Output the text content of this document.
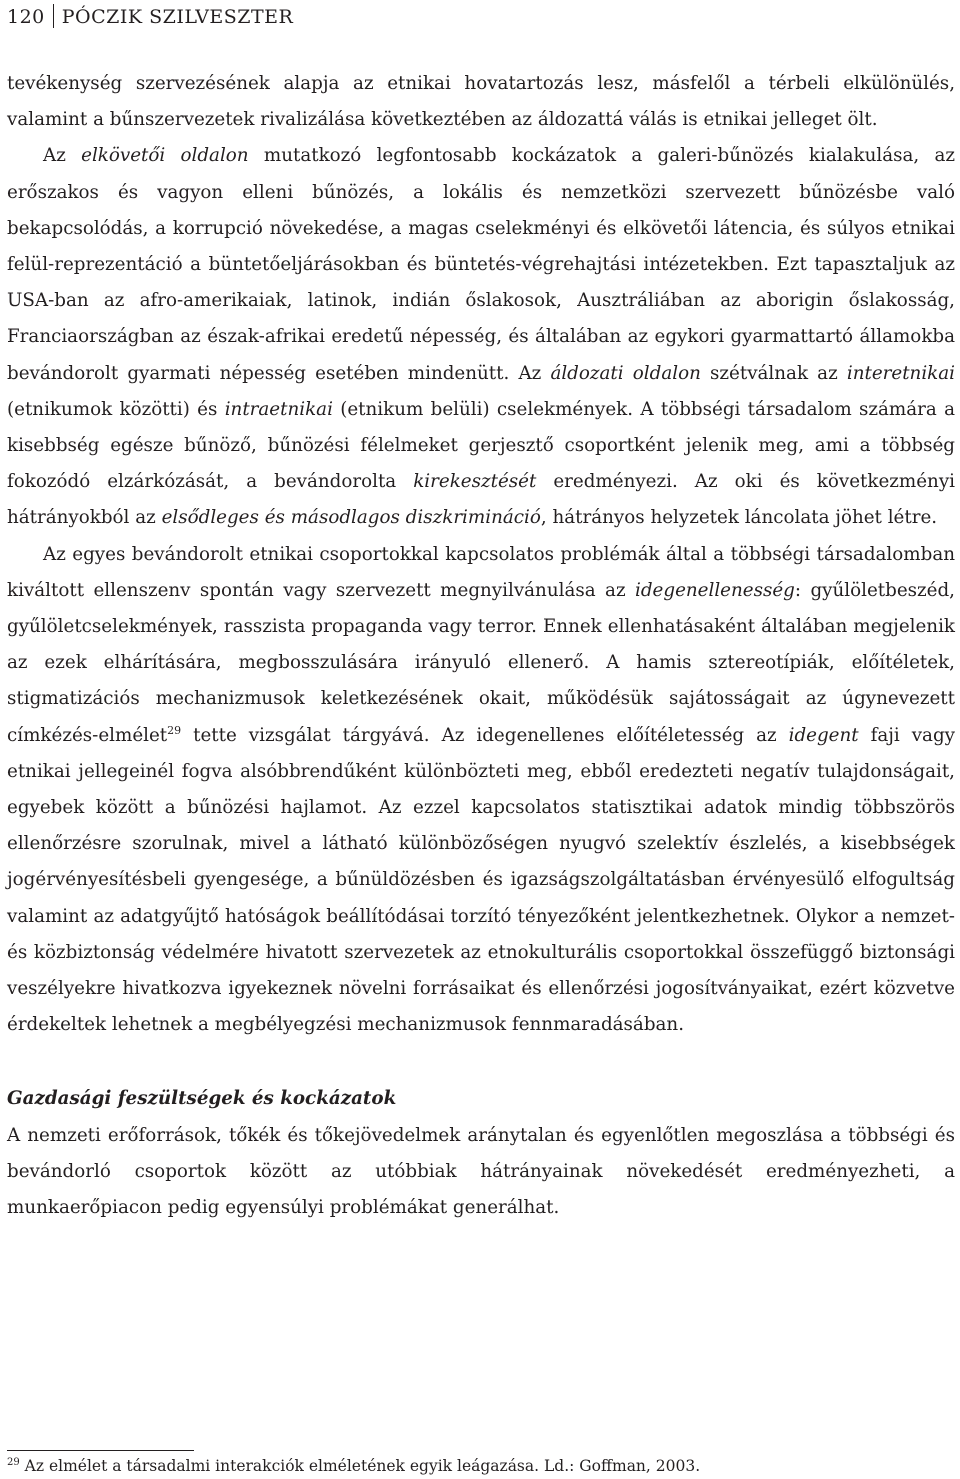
120 PÓCZIK SZILVESZTER

tevékenység szervezésének alapja az etnikai hovatartozás lesz, másfelől a térbeli elkülönülés, valamint a bűnszervezetek rivalizálása következtében az áldozattá válás is etnikai jelleget ölt.

Az elkövetői oldalon mutatkozó legfontosabb kockázatok a galeri-bűnözés kialakulása, az erőszakos és vagyon elleni bűnözés, a lokális és nemzetközi szervezett bűnözésbe való bekapcsolódás, a korrupció növekedése, a magas cselekményi és elkövetői látencia, és súlyos etnikai felül-reprezentáció a büntetőeljárásokban és büntetés-végrehajtási intézetekben. Ezt tapasztaljuk az USA-ban az afro-amerikaiak, latinok, indián őslakosok, Ausztráliában az aborigin őslakosság, Franciaországban az észak-afrikai eredetű népesség, és általában az egykori gyarmattartó államokba bevándorolt gyarmati népesség esetében mindenütt. Az áldozati oldalon szétválnak az interetnikai (etnikumok közötti) és intraetnikai (etnikum belüli) cselekmények. A többségi társadalom számára a kisebbség egésze bűnöző, bűnözési félelmeket gerjesztő csoportként jelenik meg, ami a többség fokozódó elzárkózását, a bevándorolta kirekesztését eredményezi. Az oki és következményi hátrányokból az elsődleges és másodlagos diszkrimináció, hátrányos helyzetek láncolata jöhet létre.

Az egyes bevándorolt etnikai csoportokkal kapcsolatos problémák által a többségi társadalomban kiváltott ellenszenv spontán vagy szervezett megnyilvánulása az idegenellenesség: gyűlöletbeszéd, gyűlöletcselekmények, rasszista propaganda vagy terror. Ennek ellenhatásaként általában megjelenik az ezek elhárítására, megbosszulására irányuló ellenerő. A hamis sztereotípiák, előítéletek, stigmatizációs mechanizmusok keletkezésének okait, működésük sajátosságait az úgynevezett címkézés-elmélet$^{29}$ tette vizsgálat tárgyává. Az idegenellenes előítéletesség az idegent faji vagy etnikai jellegeinél fogva alsóbbrendűként különbözteti meg, ebből eredezteti negatív tulajdonságait, egyebek között a bűnözési hajlamot. Az ezzel kapcsolatos statisztikai adatok mindig többszörös ellenőrzésre szorulnak, mivel a látható különbözőségen nyugvó szelektív észlelés, a kisebbségek jogérvényesítésbeli gyengesége, a bűnüldözésben és igazságszolgáltatásban érvényesülő elfogultság valamint az adatgyűjtő hatóságok beállítódásai torzító tényezőként jelentkezhetnek. Olykor a nemzet- és közbiztonság védelmére hivatott szervezetek az etnokulturális csoportokkal összefüggő biztonsági veszélyekre hivatkozva igyekeznek növelni forrásaikat és ellenőrzési jogosítványaikat, ezért közvetve érdekeltek lehetnek a megbélyegzési mechanizmusok fennmaradásában.

Gazdasági feszültségek és kockázatok

A nemzeti erőforrások, tőkék és tőkejövedelmek aránytalan és egyenlőtlen megoszlása a többségi és bevándorló csoportok között az utóbbiak hátrányainak növekedését eredményezheti, a munkaerőpiacon pedig egyensúlyi problémákat generálhat.

$^{29}$ Az elmélet a társadalmi interakciók elméletének egyik leágazása. Ld.: Goffman, 2003.
